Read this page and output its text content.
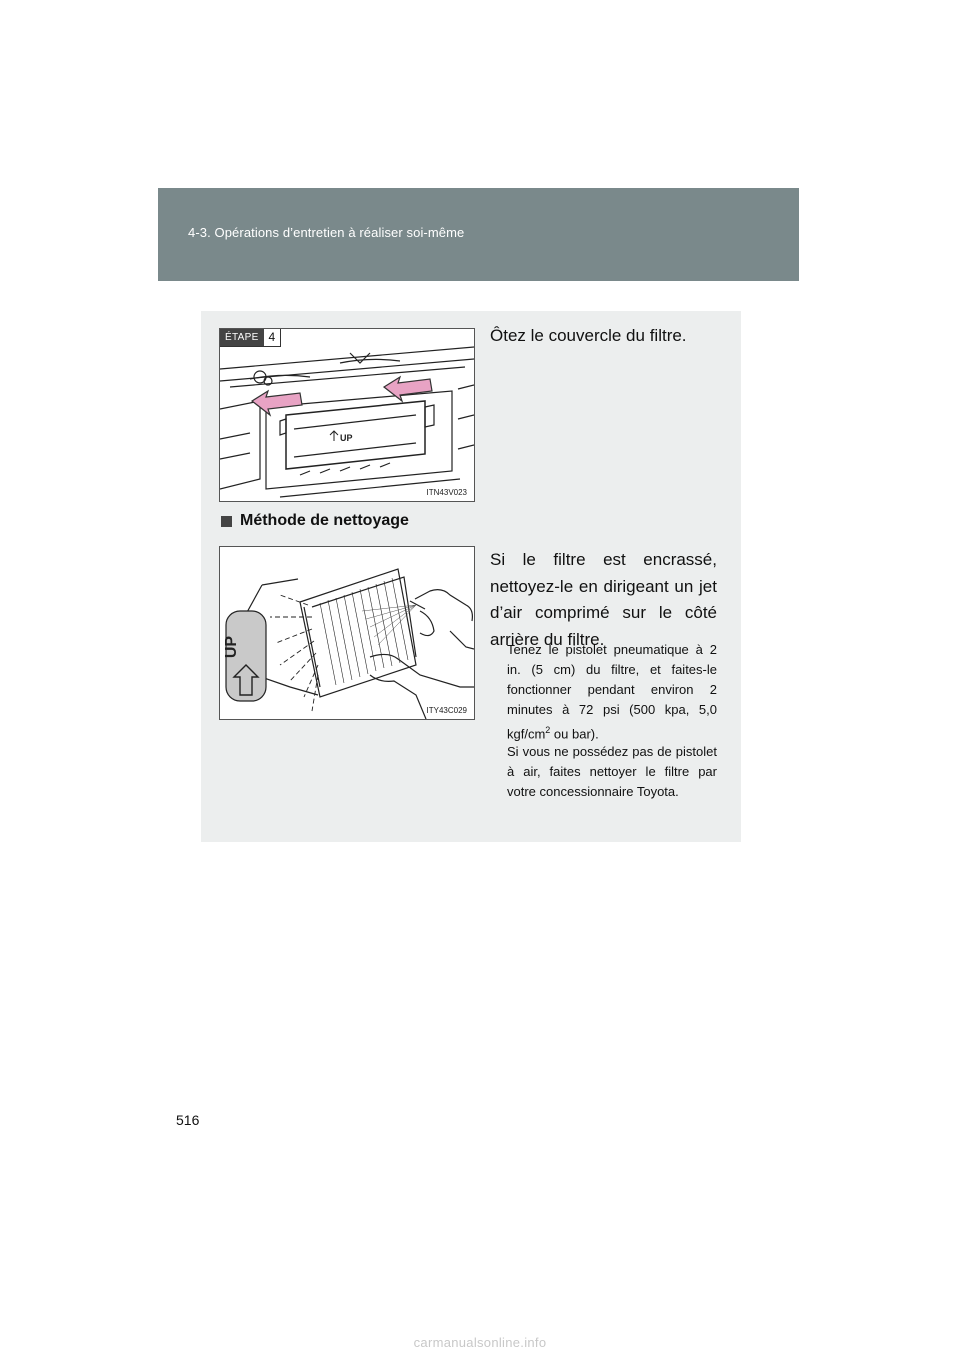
4-3. Opérations d’entretien à réaliser soi-même
ÉTAPE 4
UP
ITN43V023
Ôtez le couvercle du filtre.
Méthode de nettoyage
UP
ITY43C029
Si le filtre est encrassé, nettoyez-le en dirigeant un jet d’air comprimé sur le côté arrière du filtre.
Tenez le pistolet pneumatique à 2 in. (5 cm) du filtre, et faites-le fonctionner pendant environ 2 minutes à 72 psi (500 kpa, 5,0 kgf/$cm^2$ ou bar).
Si vous ne possédez pas de pistolet à air, faites nettoyer le filtre par votre concessionnaire Toyota.
516
carmanualsonline.info
